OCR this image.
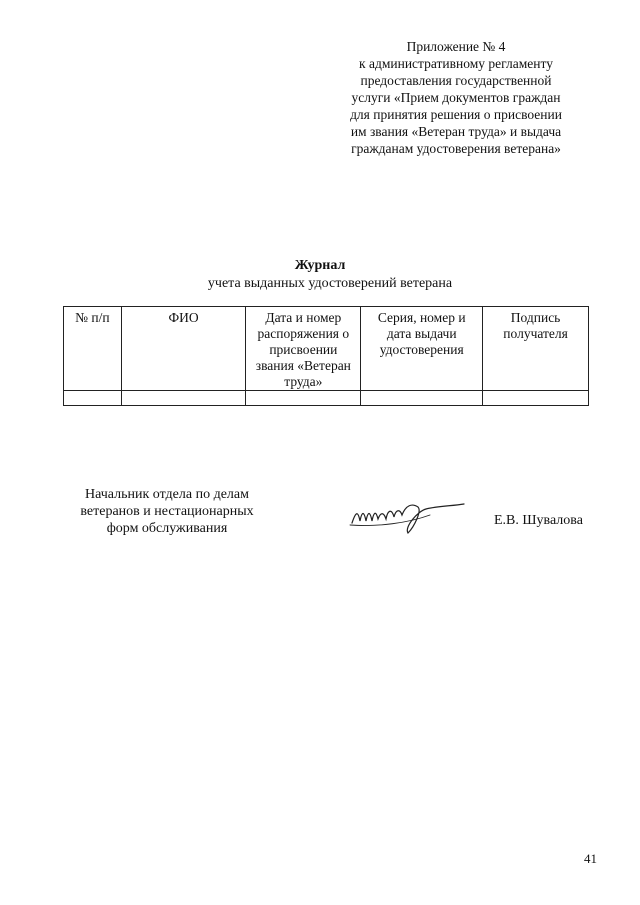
Приложение № 4
к административному регламенту
предоставления государственной
услуги «Прием документов граждан
для принятия решения о присвоении
им звания «Ветеран труда» и выдача
гражданам удостоверения ветерана»
Журнал
учета выданных удостоверений ветерана
№ п/п	ФИО	Дата и номер распоряжения о присвоении звания «Ветеран труда»	Серия, номер и дата выдачи удостоверения	Подпись получателя

Начальник отдела по делам
ветеранов и нестационарных
форм обслуживания
Е.В. Шувалова
41
